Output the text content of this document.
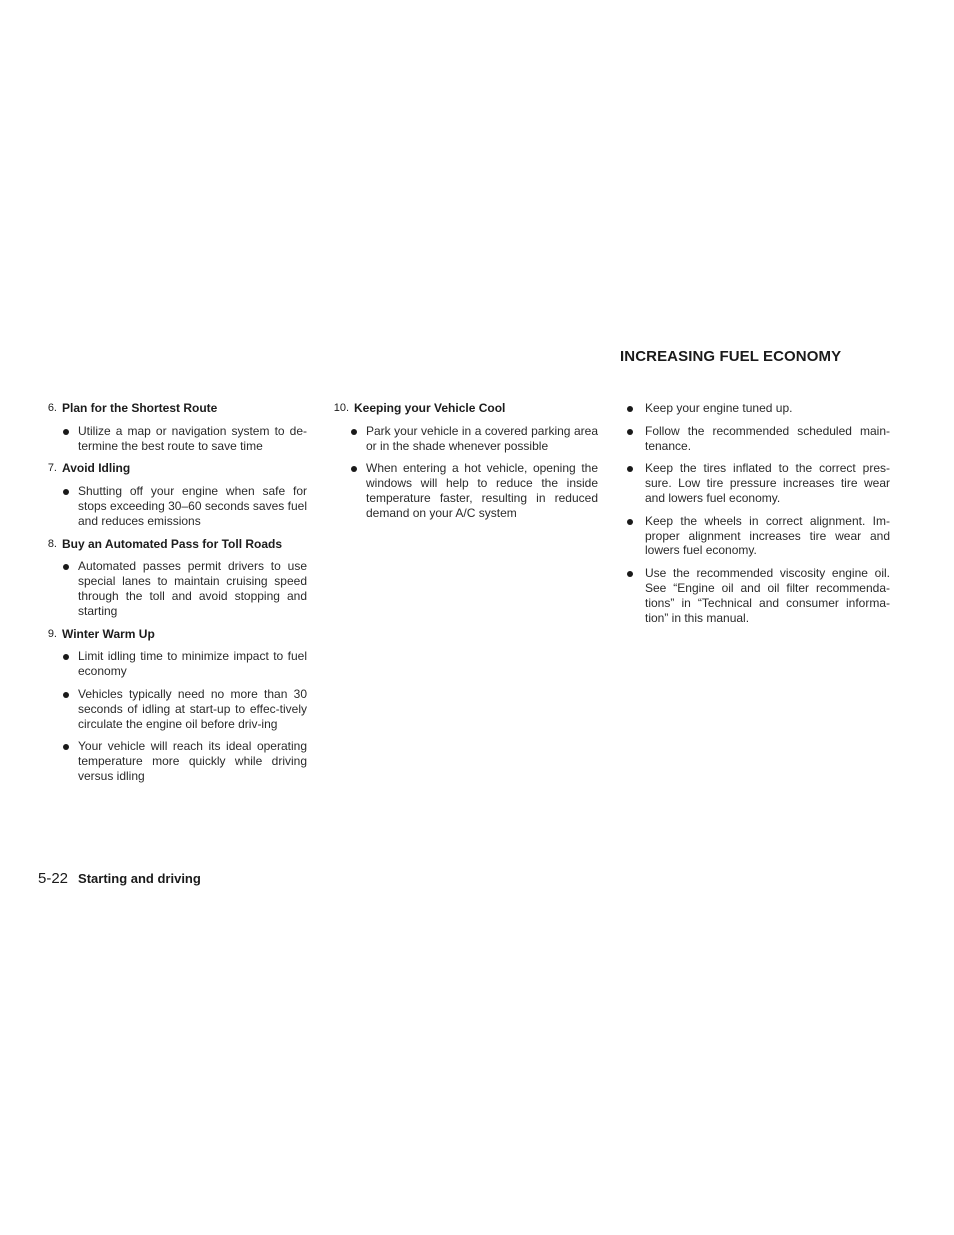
INCREASING FUEL ECONOMY
6. Plan for the Shortest Route
Utilize a map or navigation system to de-termine the best route to save time
7. Avoid Idling
Shutting off your engine when safe for stops exceeding 30–60 seconds saves fuel and reduces emissions
8. Buy an Automated Pass for Toll Roads
Automated passes permit drivers to use special lanes to maintain cruising speed through the toll and avoid stopping and starting
9. Winter Warm Up
Limit idling time to minimize impact to fuel economy
Vehicles typically need no more than 30 seconds of idling at start-up to effec-tively circulate the engine oil before driv-ing
Your vehicle will reach its ideal operating temperature more quickly while driving versus idling
10. Keeping your Vehicle Cool
Park your vehicle in a covered parking area or in the shade whenever possible
When entering a hot vehicle, opening the windows will help to reduce the inside temperature faster, resulting in reduced demand on your A/C system
Keep your engine tuned up.
Follow the recommended scheduled main-tenance.
Keep the tires inflated to the correct pres-sure. Low tire pressure increases tire wear and lowers fuel economy.
Keep the wheels in correct alignment. Im-proper alignment increases tire wear and lowers fuel economy.
Use the recommended viscosity engine oil. See “Engine oil and oil filter recommenda-tions” in “Technical and consumer informa-tion” in this manual.
5-22 Starting and driving
